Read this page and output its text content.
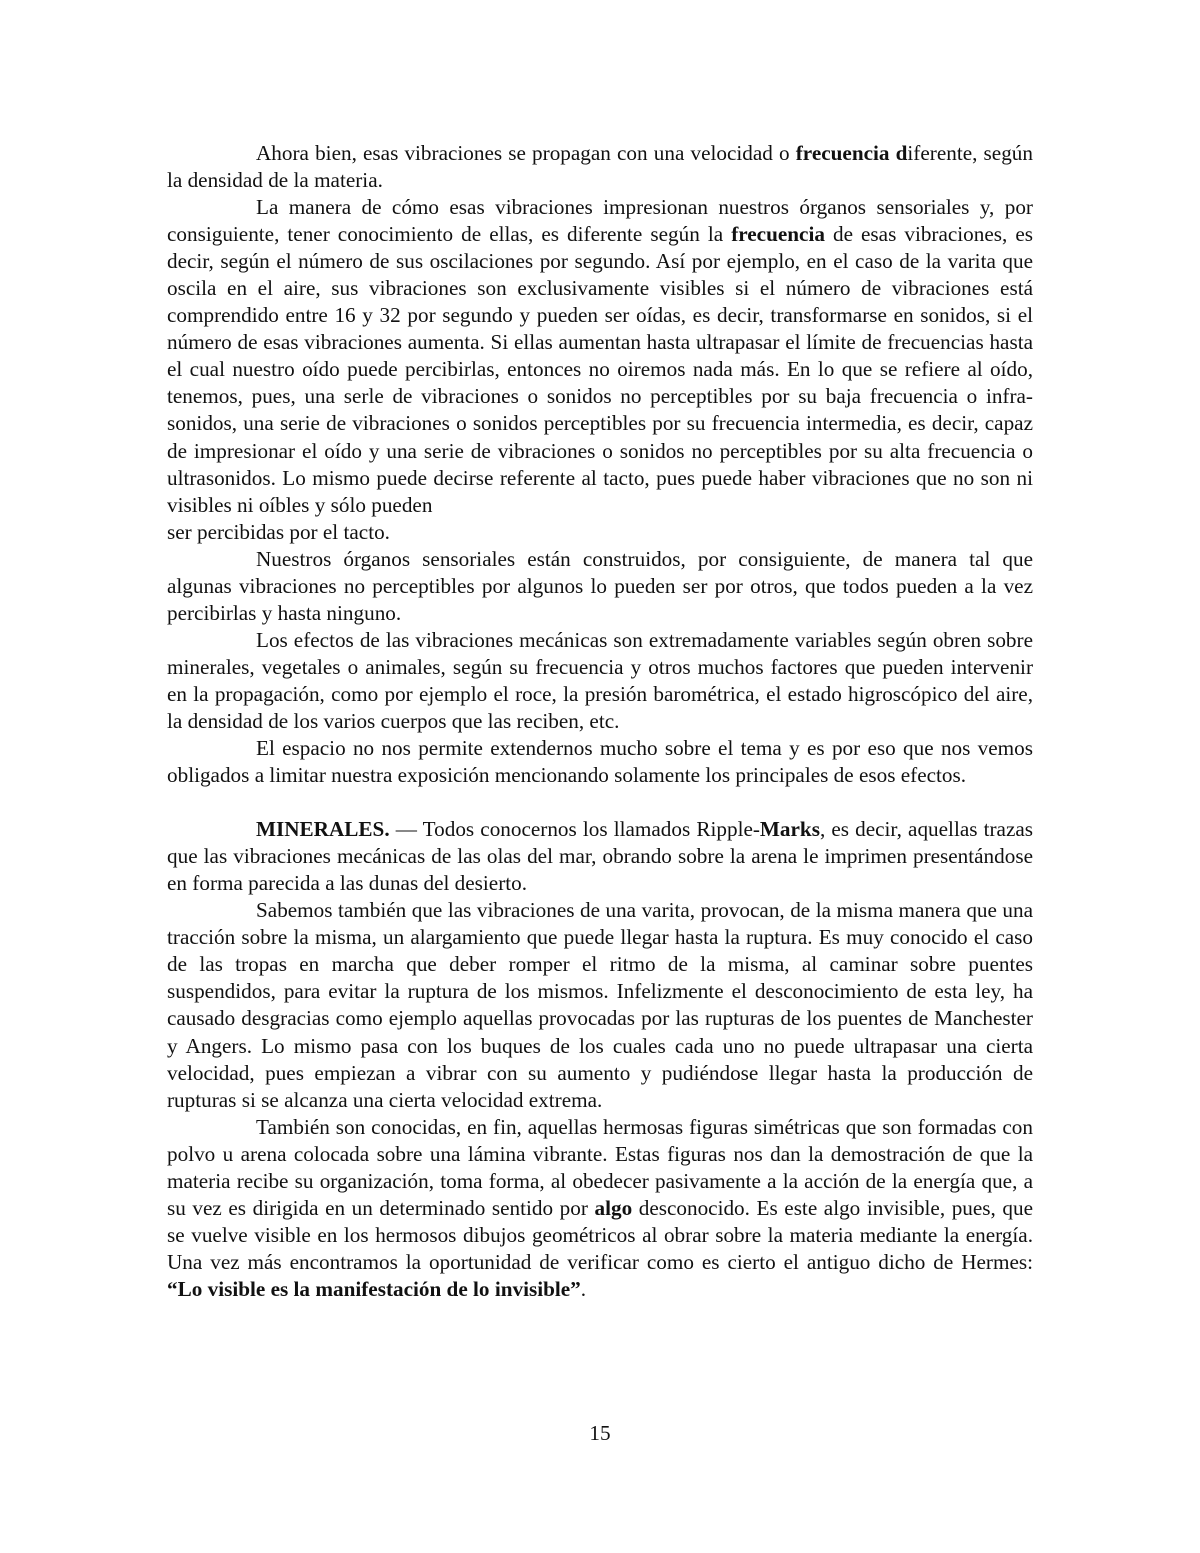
Ahora bien, esas vibraciones se propagan con una velocidad o frecuencia diferente, según la densidad de la materia.

La manera de cómo esas vibraciones impresionan nuestros órganos sensoriales y, por consiguiente, tener conocimiento de ellas, es diferente según la frecuencia de esas vibraciones, es decir, según el número de sus oscilaciones por segundo. Así por ejemplo, en el caso de la varita que oscila en el aire, sus vibraciones son exclusivamente visibles si el número de vibraciones está comprendido entre 16 y 32 por segundo y pueden ser oídas, es decir, transformarse en sonidos, si el número de esas vibraciones aumenta. Si ellas aumentan hasta ultrapasar el límite de frecuencias hasta el cual nuestro oído puede percibirlas, entonces no oiremos nada más. En lo que se refiere al oído, tenemos, pues, una serle de vibraciones o sonidos no perceptibles por su baja frecuencia o infra-sonidos, una serie de vibraciones o sonidos perceptibles por su frecuencia intermedia, es decir, capaz de impresionar el oído y una serie de vibraciones o sonidos no perceptibles por su alta frecuencia o ultrasonidos. Lo mismo puede decirse referente al tacto, pues puede haber vibraciones que no son ni visibles ni oíbles y sólo pueden
ser percibidas por el tacto.

Nuestros órganos sensoriales están construidos, por consiguiente, de manera tal que algunas vibraciones no perceptibles por algunos lo pueden ser por otros, que todos pueden a la vez percibirlas y hasta ninguno.

Los efectos de las vibraciones mecánicas son extremadamente variables según obren sobre minerales, vegetales o animales, según su frecuencia y otros muchos factores que pueden intervenir en la propagación, como por ejemplo el roce, la presión barométrica, el estado higroscópico del aire, la densidad de los varios cuerpos que las reciben, etc.

El espacio no nos permite extendernos mucho sobre el tema y es por eso que nos vemos obligados a limitar nuestra exposición mencionando solamente los principales de esos efectos.

MINERALES. — Todos conocernos los llamados Ripple-Marks, es decir, aquellas trazas que las vibraciones mecánicas de las olas del mar, obrando sobre la arena le imprimen presentándose en forma parecida a las dunas del desierto.

Sabemos también que las vibraciones de una varita, provocan, de la misma manera que una tracción sobre la misma, un alargamiento que puede llegar hasta la ruptura. Es muy conocido el caso de las tropas en marcha que deber romper el ritmo de la misma, al caminar sobre puentes suspendidos, para evitar la ruptura de los mismos. Infelizmente el desconocimiento de esta ley, ha causado desgracias como ejemplo aquellas provocadas por las rupturas de los puentes de Manchester y Angers. Lo mismo pasa con los buques de los cuales cada uno no puede ultrapasar una cierta velocidad, pues empiezan a vibrar con su aumento y pudiéndose llegar hasta la producción de rupturas si se alcanza una cierta velocidad extrema.

También son conocidas, en fin, aquellas hermosas figuras simétricas que son formadas con polvo u arena colocada sobre una lámina vibrante. Estas figuras nos dan la demostración de que la materia recibe su organización, toma forma, al obedecer pasivamente a la acción de la energía que, a su vez es dirigida en un determinado sentido por algo desconocido. Es este algo invisible, pues, que se vuelve visible en los hermosos dibujos geométricos al obrar sobre la materia mediante la energía. Una vez más encontramos la oportunidad de verificar como es cierto el antiguo dicho de Hermes: “Lo visible es la manifestación de lo invisible”.

15
